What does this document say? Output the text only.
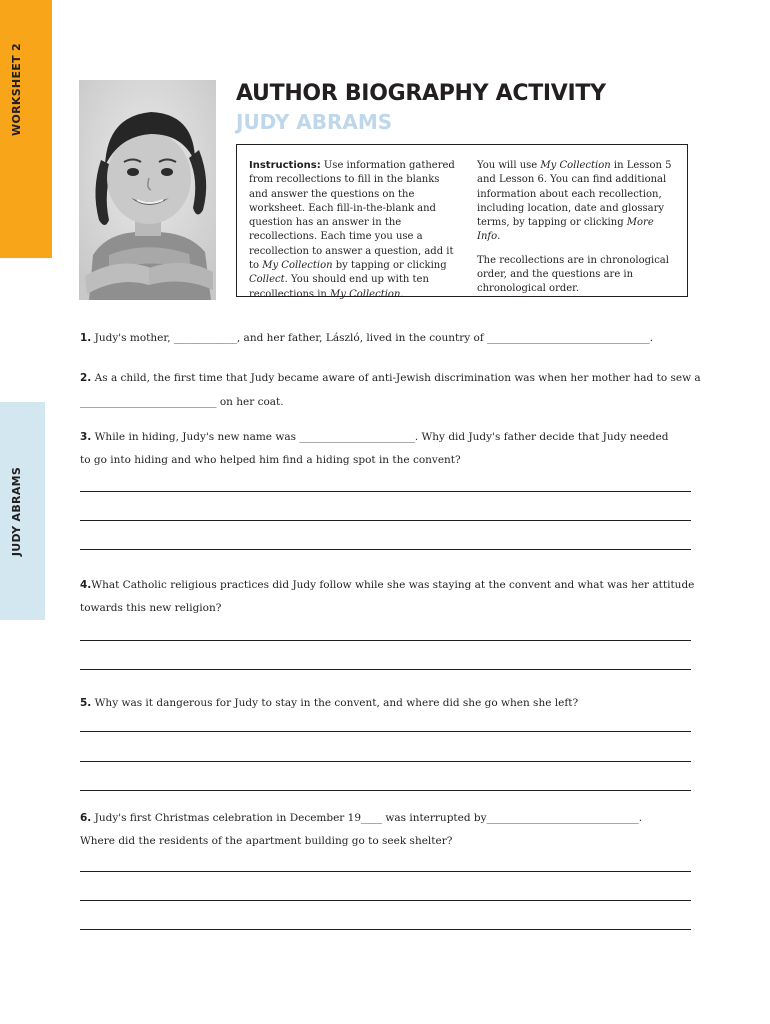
WORKSHEET 2
JUDY ABRAMS
AUTHOR BIOGRAPHY ACTIVITY
JUDY ABRAMS

Instructions: Use information gathered from recollections to fill in the blanks and answer the questions on the worksheet. Each fill-in-the-blank and question has an answer in the recollections. Each time you use a recollection to answer a question, add it to My Collection by tapping or clicking Collect. You should end up with ten recollections in My Collection.

You will use My Collection in Lesson 5 and Lesson 6. You can find additional information about each recollection, including location, date and glossary terms, by tapping or clicking More Info.

The recollections are in chronological order, and the questions are in chronological order.

1. Judy's mother, ____________, and her father, László, lived in the country of _______________________________.
2. As a child, the first time that Judy became aware of anti-Jewish discrimination was when her mother had to sew a
__________________________ on her coat.
3. While in hiding, Judy's new name was ______________________. Why did Judy's father decide that Judy needed
to go into hiding and who helped him find a hiding spot in the convent?
4.What Catholic religious practices did Judy follow while she was staying at the convent and what was her attitude
towards this new religion?
5. Why was it dangerous for Judy to stay in the convent, and where did she go when she left?
6. Judy's first Christmas celebration in December 19____ was interrupted by_____________________________.
Where did the residents of the apartment building go to seek shelter?
